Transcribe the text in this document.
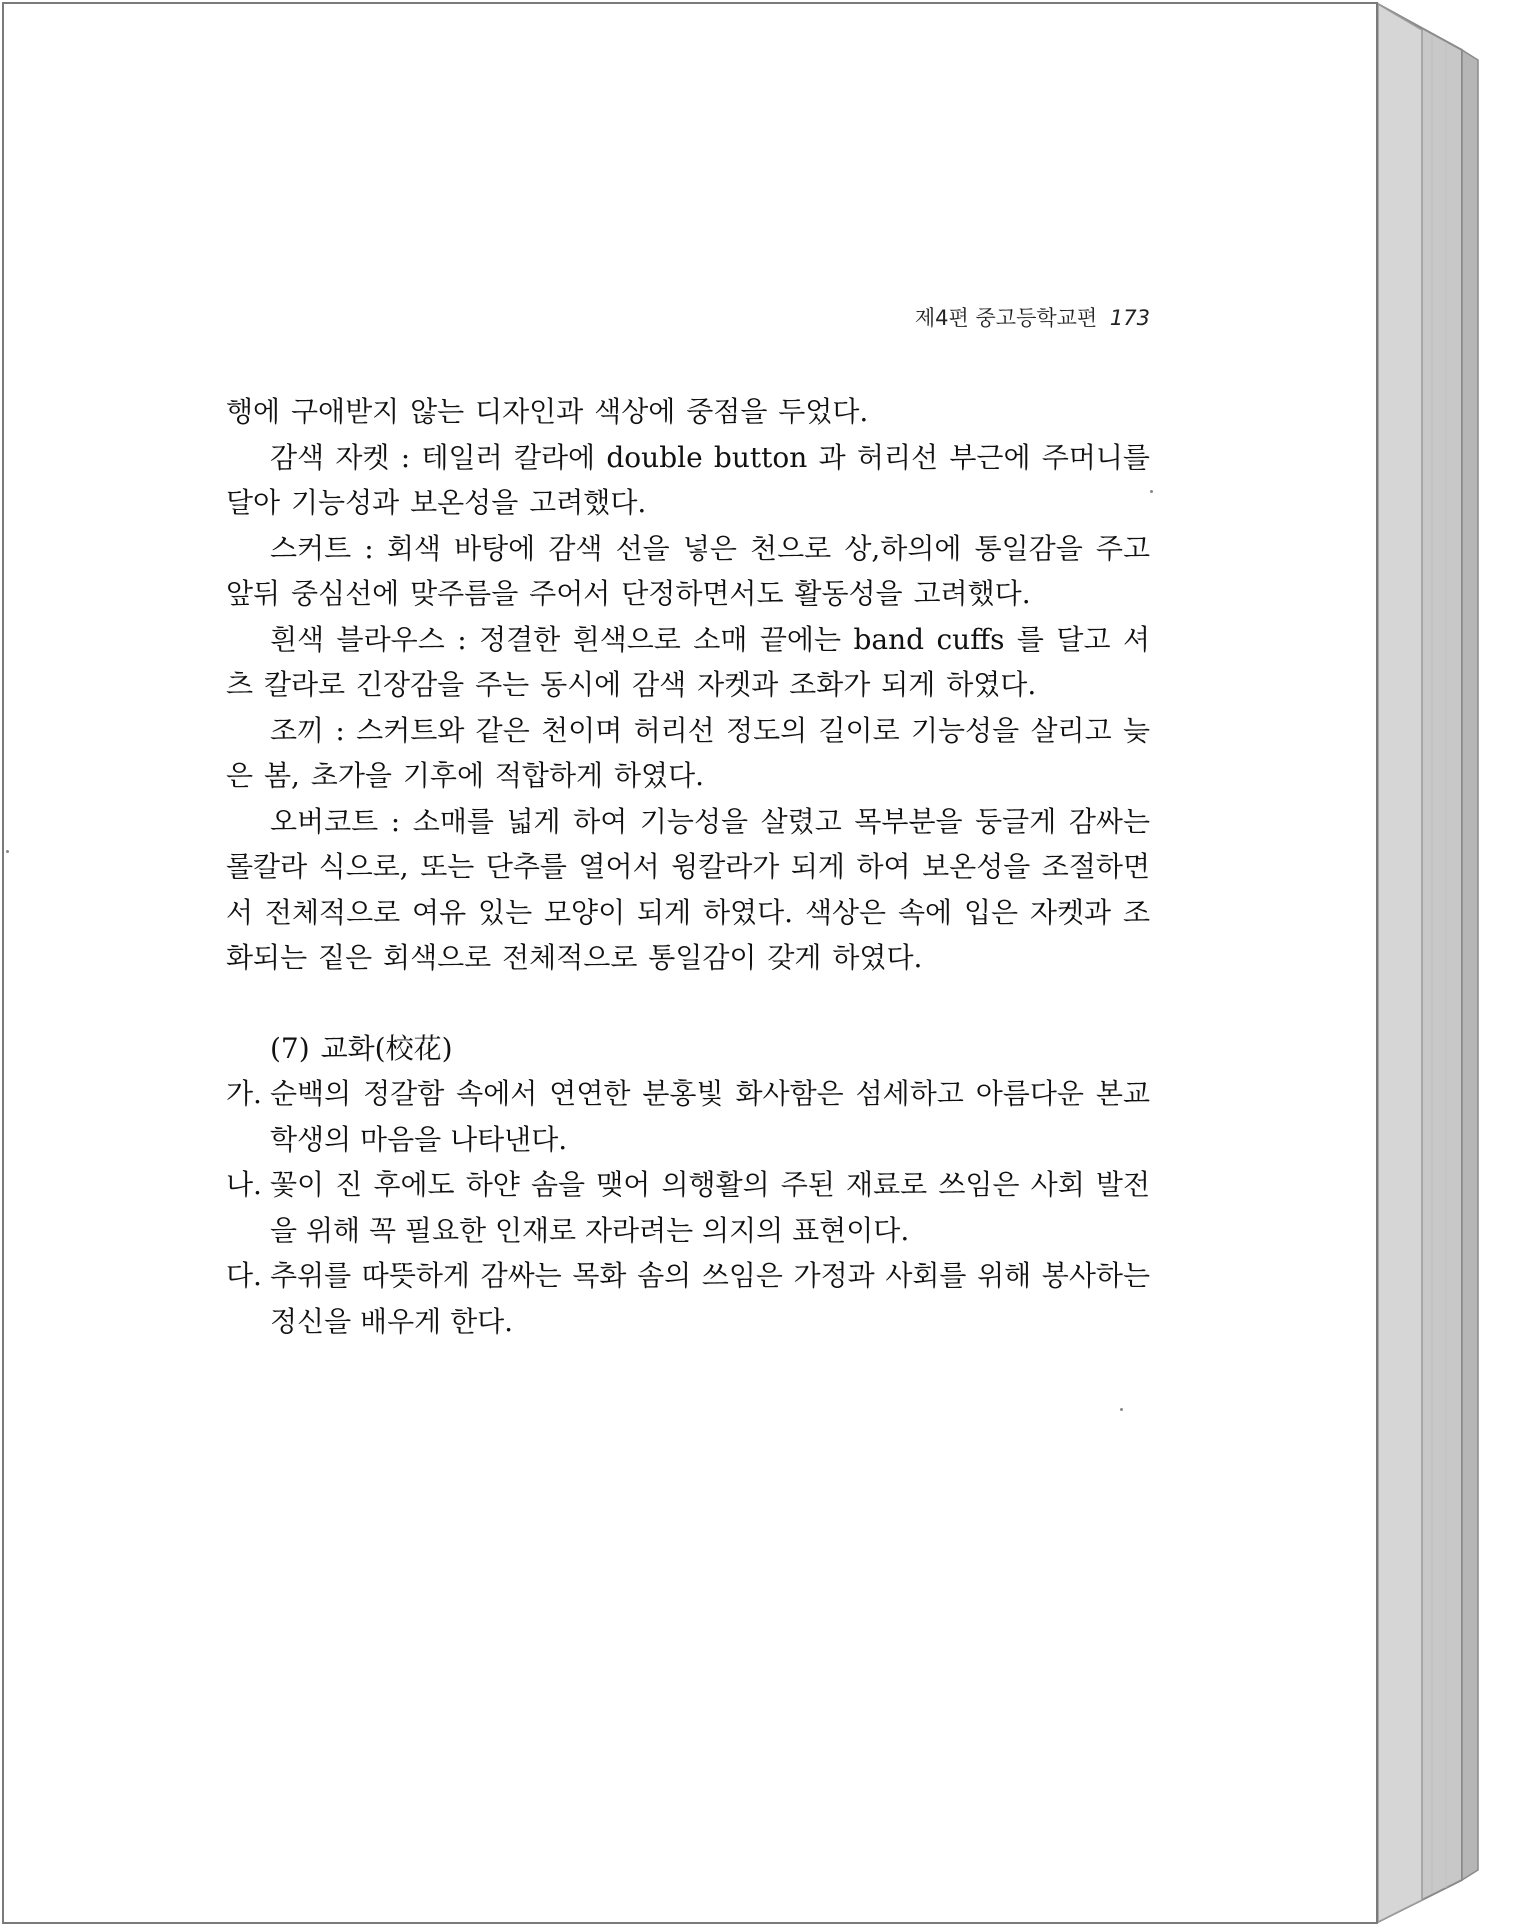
제4편 중고등학교편 173

행에 구애받지 않는 디자인과 색상에 중점을 두었다.

감색 자켓 : 테일러 칼라에 double button 과 허리선 부근에 주머니를 달아 기능성과 보온성을 고려했다.

스커트 : 회색 바탕에 감색 선을 넣은 천으로 상,하의에 통일감을 주고 앞뒤 중심선에 맞주름을 주어서 단정하면서도 활동성을 고려했다.

흰색 블라우스 : 정결한 흰색으로 소매 끝에는 band cuffs 를 달고 셔츠 칼라로 긴장감을 주는 동시에 감색 자켓과 조화가 되게 하였다.

조끼 : 스커트와 같은 천이며 허리선 정도의 길이로 기능성을 살리고 늦은 봄, 초가을 기후에 적합하게 하였다.

오버코트 : 소매를 넓게 하여 기능성을 살렸고 목부분을 둥글게 감싸는 롤칼라 식으로, 또는 단추를 열어서 윙칼라가 되게 하여 보온성을 조절하면서 전체적으로 여유 있는 모양이 되게 하였다. 색상은 속에 입은 자켓과 조화되는 짙은 회색으로 전체적으로 통일감이 갖게 하였다.

(7) 교화(校花)

가. 순백의 정갈함 속에서 연연한 분홍빛 화사함은 섬세하고 아름다운 본교 학생의 마음을 나타낸다.
나. 꽃이 진 후에도 하얀 솜을 맺어 의행활의 주된 재료로 쓰임은 사회 발전을 위해 꼭 필요한 인재로 자라려는 의지의 표현이다.
다. 추위를 따뜻하게 감싸는 목화 솜의 쓰임은 가정과 사회를 위해 봉사하는 정신을 배우게 한다.
